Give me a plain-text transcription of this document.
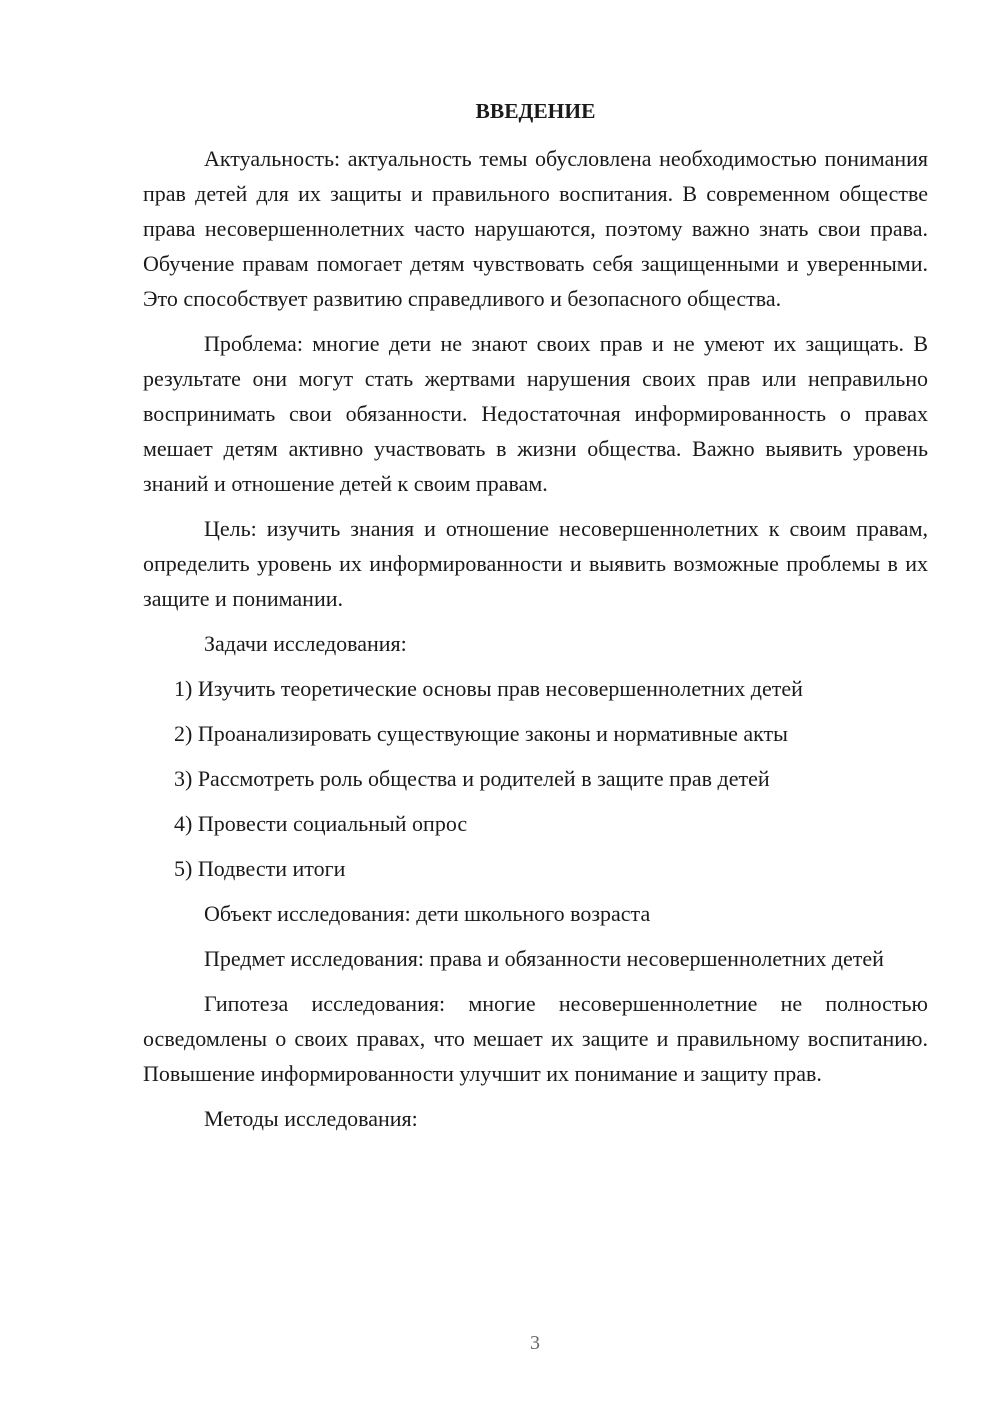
ВВЕДЕНИЕ

Актуальность: актуальность темы обусловлена необходимостью понимания прав детей для их защиты и правильного воспитания. В современном обществе права несовершеннолетних часто нарушаются, поэтому важно знать свои права. Обучение правам помогает детям чувствовать себя защищенными и уверенными. Это способствует развитию справедливого и безопасного общества.

Проблема: многие дети не знают своих прав и не умеют их защищать. В результате они могут стать жертвами нарушения своих прав или неправильно воспринимать свои обязанности. Недостаточная информированность о правах мешает детям активно участвовать в жизни общества. Важно выявить уровень знаний и отношение детей к своим правам.

Цель: изучить знания и отношение несовершеннолетних к своим правам, определить уровень их информированности и выявить возможные проблемы в их защите и понимании.

Задачи исследования:
1) Изучить теоретические основы прав несовершеннолетних детей
2) Проанализировать существующие законы и нормативные акты
3) Рассмотреть роль общества и родителей в защите прав детей
4) Провести социальный опрос
5) Подвести итоги
Объект исследования: дети школьного возраста

Предмет исследования: права и обязанности несовершеннолетних детей

Гипотеза исследования: многие несовершеннолетние не полностью осведомлены о своих правах, что мешает их защите и правильному воспитанию. Повышение информированности улучшит их понимание и защиту прав.

Методы исследования:
3
